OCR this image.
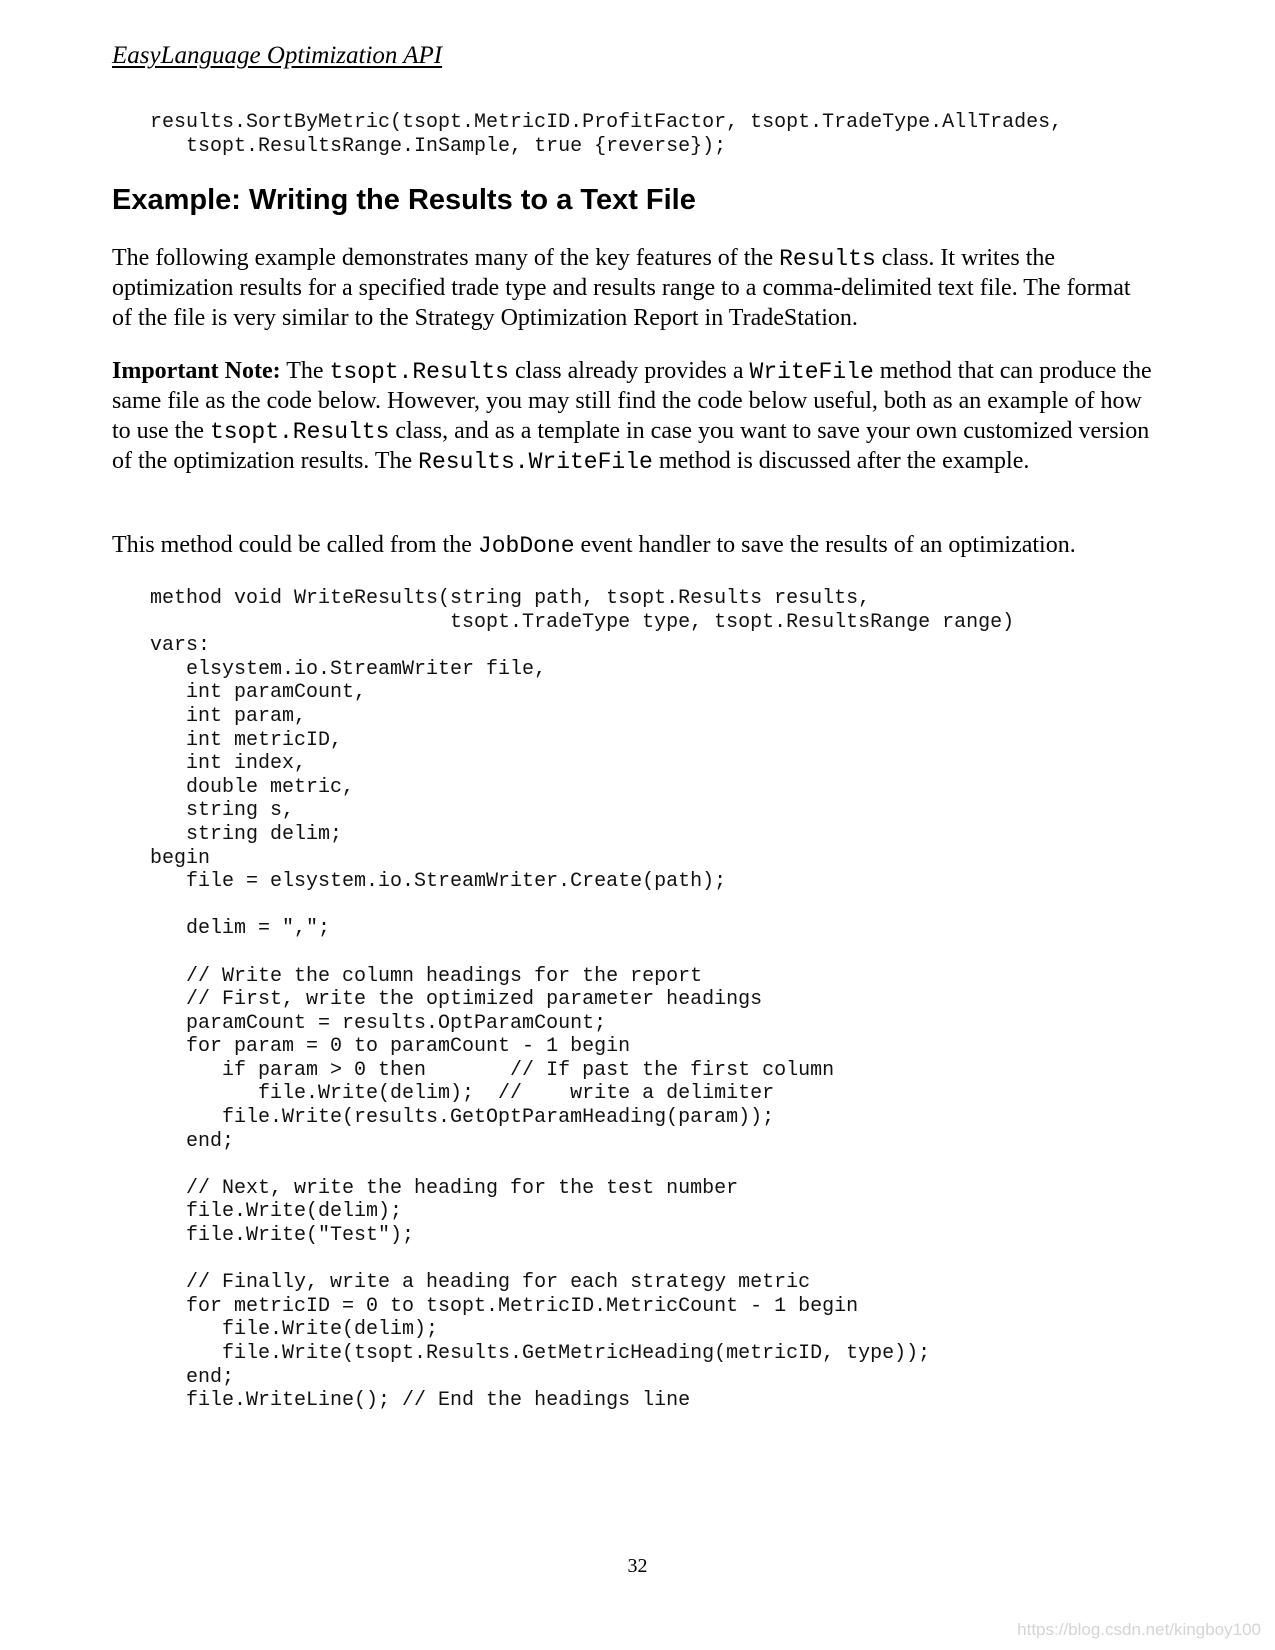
EasyLanguage Optimization API
results.SortByMetric(tsopt.MetricID.ProfitFactor, tsopt.TradeType.AllTrades,
tsopt.ResultsRange.InSample, true {reverse});
Example: Writing the Results to a Text File

The following example demonstrates many of the key features of the Results class. It writes the optimization results for a specified trade type and results range to a comma-delimited text file. The format of the file is very similar to the Strategy Optimization Report in TradeStation.

Important Note: The tsopt.Results class already provides a WriteFile method that can produce the same file as the code below. However, you may still find the code below useful, both as an example of how to use the tsopt.Results class, and as a template in case you want to save your own customized version of the optimization results. The Results.WriteFile method is discussed after the example.

This method could be called from the JobDone event handler to save the results of an optimization.

method void WriteResults(string path, tsopt.Results results,
tsopt.TradeType type, tsopt.ResultsRange range)
vars:
elsystem.io.StreamWriter file,
int paramCount,
int param,
int metricID,
int index,
double metric,
string s,
string delim;
begin
file = elsystem.io.StreamWriter.Create(path);
delim = ",";
// Write the column headings for the report
// First, write the optimized parameter headings
paramCount = results.OptParamCount;
for param = 0 to paramCount - 1 begin
if param > 0 then       // If past the first column
file.Write(delim);  //    write a delimiter
file.Write(results.GetOptParamHeading(param));
end;
// Next, write the heading for the test number
file.Write(delim);
file.Write("Test");
// Finally, write a heading for each strategy metric
for metricID = 0 to tsopt.MetricID.MetricCount - 1 begin
file.Write(delim);
file.Write(tsopt.Results.GetMetricHeading(metricID, type));
end;
file.WriteLine(); // End the headings line
32
https://blog.csdn.net/kingboy100
